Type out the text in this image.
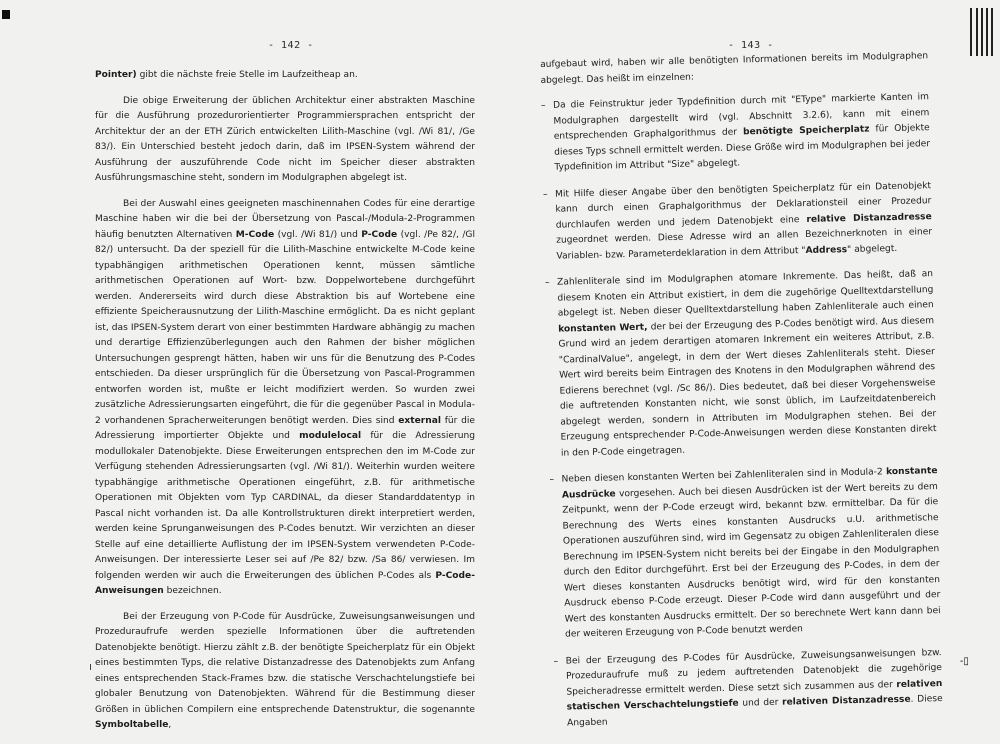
- 142 -

Pointer) gibt die nächste freie Stelle im Laufzeitheap an.

Die obige Erweiterung der üblichen Architektur einer abstrakten Maschine für die Ausführung prozedurorientierter Programmiersprachen entspricht der Architektur der an der ETH Zürich entwickelten Lilith-Maschine (vgl. /Wi 81/, /Ge 83/). Ein Unterschied besteht jedoch darin, daß im IPSEN-System während der Ausführung der auszuführende Code nicht im Speicher dieser abstrakten Ausführungsmaschine steht, sondern im Modulgraphen abgelegt ist.

Bei der Auswahl eines geeigneten maschinennahen Codes für eine derartige Maschine haben wir die bei der Übersetzung von Pascal-/Modula-2-Programmen häufig benutzten Alternativen M-Code (vgl. /Wi 81/) und P-Code (vgl. /Pe 82/, /Gl 82/) untersucht. Da der speziell für die Lilith-Maschine entwickelte M-Code keine typabhängigen arithmetischen Operationen kennt, müssen sämtliche arithmetischen Operationen auf Wort- bzw. Doppelwortebene durchgeführt werden. Andererseits wird durch diese Abstraktion bis auf Wortebene eine effiziente Speicherausnutzung der Lilith-Maschine ermöglicht. Da es nicht geplant ist, das IPSEN-System derart von einer bestimmten Hardware abhängig zu machen und derartige Effizienzüberlegungen auch den Rahmen der bisher möglichen Untersuchungen gesprengt hätten, haben wir uns für die Benutzung des P-Codes entschieden. Da dieser ursprünglich für die Übersetzung von Pascal-Programmen entworfen worden ist, mußte er leicht modifiziert werden. So wurden zwei zusätzliche Adressierungsarten eingeführt, die für die gegenüber Pascal in Modula-2 vorhandenen Spracherweiterungen benötigt werden. Dies sind external für die Adressierung importierter Objekte und modulelocal für die Adressierung modullokaler Datenobjekte. Diese Erweiterungen entsprechen den im M-Code zur Verfügung stehenden Adressierungsarten (vgl. /Wi 81/). Weiterhin wurden weitere typabhängige arithmetische Operationen eingeführt, z.B. für arithmetische Operationen mit Objekten vom Typ CARDINAL, da dieser Standarddatentyp in Pascal nicht vorhanden ist. Da alle Kontrollstrukturen direkt interpretiert werden, werden keine Sprunganweisungen des P-Codes benutzt. Wir verzichten an dieser Stelle auf eine detaillierte Auflistung der im IPSEN-System verwendeten P-Code-Anweisungen. Der interessierte Leser sei auf /Pe 82/ bzw. /Sa 86/ verwiesen. Im folgenden werden wir auch die Erweiterungen des üblichen P-Codes als P-Code-Anweisungen bezeichnen.

Bei der Erzeugung von P-Code für Ausdrücke, Zuweisungsanweisungen und Prozeduraufrufe werden spezielle Informationen über die auftretenden Datenobjekte benötigt. Hierzu zählt z.B. der benötigte Speicherplatz für ein Objekt eines bestimmten Typs, die relative Distanzadresse des Datenobjekts zum Anfang eines entsprechenden Stack-Frames bzw. die statische Verschachtelungstiefe bei globaler Benutzung von Datenobjekten. Während für die Bestimmung dieser Größen in üblichen Compilern eine entsprechende Datenstruktur, die sogenannte Symboltabelle,

- 143 -

aufgebaut wird, haben wir alle benötigten Informationen bereits im Modulgraphen abgelegt. Das heißt im einzelnen:

– Da die Feinstruktur jeder Typdefinition durch mit "EType" markierte Kanten im Modulgraphen dargestellt wird (vgl. Abschnitt 3.2.6), kann mit einem entsprechenden Graphalgorithmus der benötigte Speicherplatz für Objekte dieses Typs schnell ermittelt werden. Diese Größe wird im Modulgraphen bei jeder Typdefinition im Attribut "Size" abgelegt.
– Mit Hilfe dieser Angabe über den benötigten Speicherplatz für ein Datenobjekt kann durch einen Graphalgorithmus der Deklarationsteil einer Prozedur durchlaufen werden und jedem Datenobjekt eine relative Distanzadresse zugeordnet werden. Diese Adresse wird an allen Bezeichnerknoten in einer Variablen- bzw. Parameterdeklaration in dem Attribut "Address" abgelegt.
– Zahlenliterale sind im Modulgraphen atomare Inkremente. Das heißt, daß an diesem Knoten ein Attribut existiert, in dem die zugehörige Quelltextdarstellung abgelegt ist. Neben dieser Quelltextdarstellung haben Zahlenliterale auch einen konstanten Wert, der bei der Erzeugung des P-Codes benötigt wird. Aus diesem Grund wird an jedem derartigen atomaren Inkrement ein weiteres Attribut, z.B. "CardinalValue", angelegt, in dem der Wert dieses Zahlenliterals steht. Dieser Wert wird bereits beim Eintragen des Knotens in den Modulgraphen während des Edierens berechnet (vgl. /Sc 86/). Dies bedeutet, daß bei dieser Vorgehensweise die auftretenden Konstanten nicht, wie sonst üblich, im Laufzeitdatenbereich abgelegt werden, sondern in Attributen im Modulgraphen stehen. Bei der Erzeugung entsprechender P-Code-Anweisungen werden diese Konstanten direkt in den P-Code eingetragen.
– Neben diesen konstanten Werten bei Zahlenliteralen sind in Modula-2 konstante Ausdrücke vorgesehen. Auch bei diesen Ausdrücken ist der Wert bereits zu dem Zeitpunkt, wenn der P-Code erzeugt wird, bekannt bzw. ermittelbar. Da für die Berechnung des Werts eines konstanten Ausdrucks u.U. arithmetische Operationen auszuführen sind, wird im Gegensatz zu obigen Zahlenliteralen diese Berechnung im IPSEN-System nicht bereits bei der Eingabe in den Modulgraphen durch den Editor durchgeführt. Erst bei der Erzeugung des P-Codes, in dem der Wert dieses konstanten Ausdrucks benötigt wird, wird für den konstanten Ausdruck ebenso P-Code erzeugt. Dieser P-Code wird dann ausgeführt und der Wert des konstanten Ausdrucks ermittelt. Der so berechnete Wert kann dann bei der weiteren Erzeugung von P-Code benutzt werden
– Bei der Erzeugung des P-Codes für Ausdrücke, Zuweisungsanweisungen bzw. Prozeduraufrufe muß zu jedem auftretenden Datenobjekt die zugehörige Speicheradresse ermittelt werden. Diese setzt sich zusammen aus der relativen statischen Verschachtelungstiefe und der relativen Distanzadresse. Diese Angaben
-​▯
